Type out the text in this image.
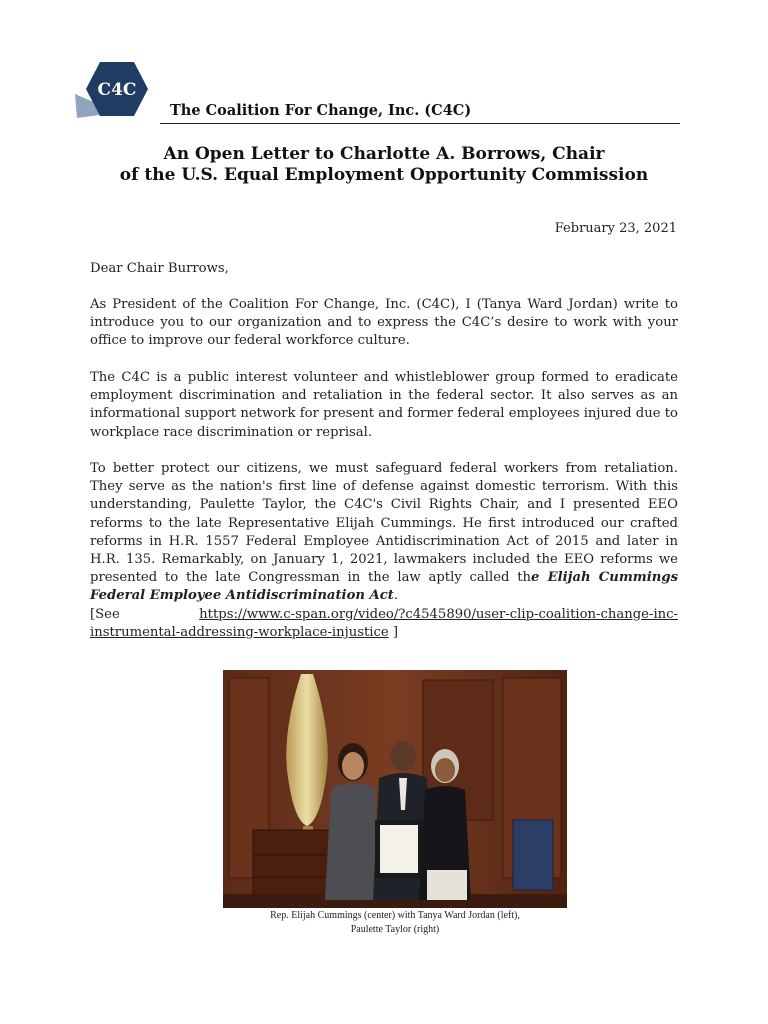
C4C
The Coalition For Change, Inc. (C4C)
An Open Letter to Charlotte A. Borrows, Chair
of the U.S. Equal Employment Opportunity Commission
February 23, 2021

Dear Chair Burrows,

As President of the Coalition For Change, Inc. (C4C), I (Tanya Ward Jordan) write to introduce you to our organization and to express the C4C’s desire to work with your office to improve our federal workforce culture.

The C4C is a public interest volunteer and whistleblower group formed to eradicate employment discrimination and retaliation in the federal sector. It also serves as an informational support network for present and former federal employees injured due to workplace race discrimination or reprisal.

To better protect our citizens, we must safeguard federal workers from retaliation. They serve as the nation's first line of defense against domestic terrorism. With this understanding, Paulette Taylor, the C4C's Civil Rights Chair, and I presented EEO reforms to the late Representative Elijah Cummings. He first introduced our crafted reforms in H.R. 1557 Federal Employee Antidiscrimination Act of 2015 and later in H.R. 135. Remarkably, on January 1, 2021, lawmakers included the EEO reforms we presented to the late Congressman in the law aptly called the Elijah Cummings Federal Employee Antidiscrimination Act.
[See https://www.c-span.org/video/?c4545890/user-clip-coalition-change-inc-instrumental-addressing-workplace-injustice ]

Rep. Elijah Cummings (center) with Tanya Ward Jordan (left),
Paulette Taylor (right)
